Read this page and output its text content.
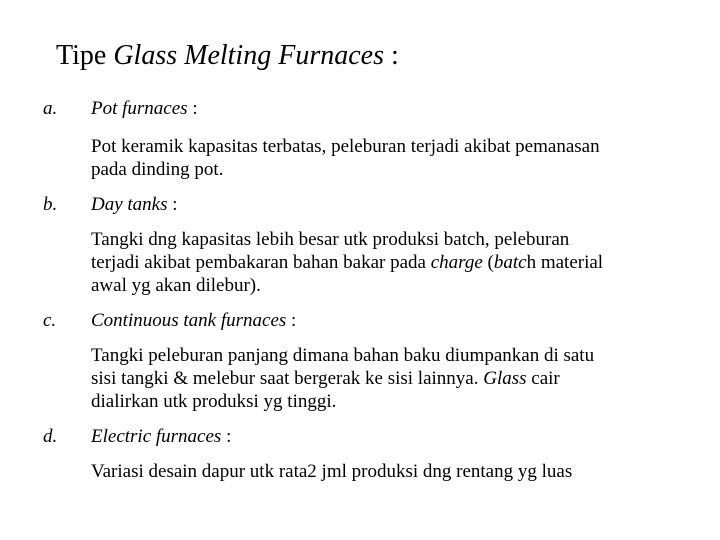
Tipe Glass Melting Furnaces :
a. Pot furnaces :
Pot keramik kapasitas terbatas, peleburan terjadi akibat pemanasan
pada dinding pot.
b. Day tanks :
Tangki dng kapasitas lebih besar utk produksi batch, peleburan
terjadi akibat pembakaran bahan bakar pada charge (batch material
awal yg akan dilebur).
c. Continuous tank furnaces :
Tangki peleburan panjang dimana bahan baku diumpankan di satu
sisi tangki & melebur saat bergerak ke sisi lainnya. Glass cair
dialirkan utk produksi yg tinggi.
d. Electric furnaces :
Variasi desain dapur utk rata2 jml produksi dng rentang yg luas
